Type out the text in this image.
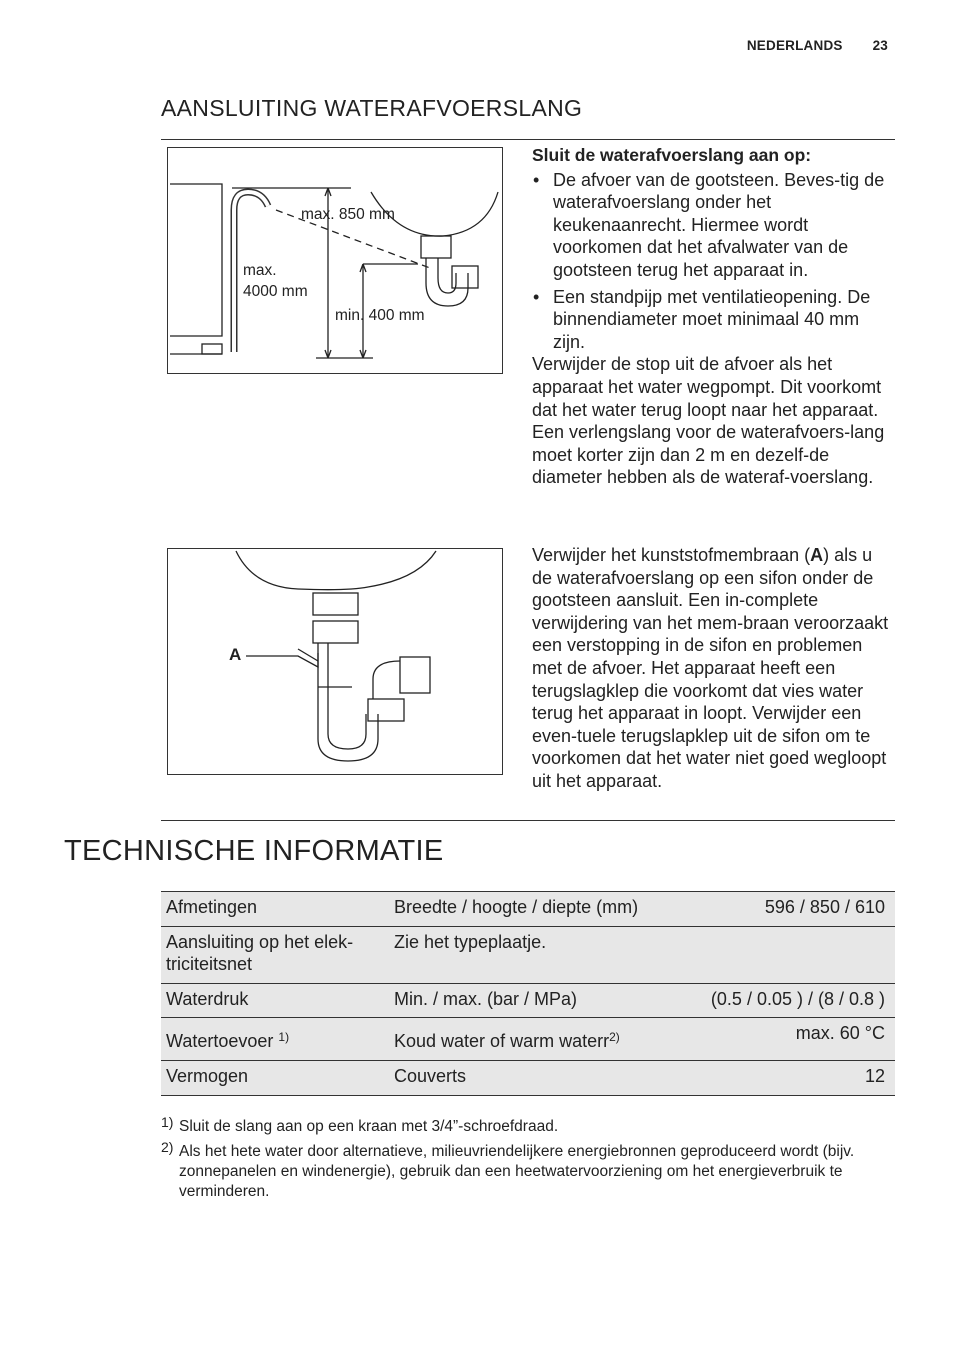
NEDERLANDS 23
AANSLUITING WATERAFVOERSLANG
max. 850 mm
max.
4000 mm
min. 400 mm

Sluit de waterafvoerslang aan op:

• De afvoer van de gootsteen. Beves-tig de waterafvoerslang onder het keukenaanrecht. Hiermee wordt voorkomen dat het afvalwater van de gootsteen terug het apparaat in.
• Een standpijp met ventilatieopening. De binnendiameter moet minimaal 40 mm zijn.

Verwijder de stop uit de afvoer als het apparaat het water wegpompt. Dit voorkomt dat het water terug loopt naar het apparaat.

Een verlengslang voor de waterafvoers-lang moet korter zijn dan 2 m en dezelf-de diameter hebben als de wateraf-voerslang.

A

Verwijder het kunststofmembraan (A) als u de waterafvoerslang op een sifon onder de gootsteen aansluit. Een in-complete verwijdering van het mem-braan veroorzaakt een verstopping in de sifon en problemen met de afvoer. Het apparaat heeft een terugslagklep die voorkomt dat vies water terug het apparaat in loopt. Verwijder een even-tuele terugslapklep uit de sifon om te voorkomen dat het water niet goed wegloopt uit het apparaat.

TECHNISCHE INFORMATIE
Afmetingen	Breedte / hoogte / diepte (mm)	596 / 850 / 610
Aansluiting op het elek-triciteitsnet	Zie het typeplaatje.	
Waterdruk	Min. / max. (bar / MPa)	(0.5 / 0.05 ) / (8 / 0.8 )
Watertoevoer $^{1)}$	Koud water of warm waterr$^{2)}$	max. 60 °C
Vermogen	Couverts	12
1) Sluit de slang aan op een kraan met 3/4”-schroefdraad.
2) Als het hete water door alternatieve, milieuvriendelijkere energiebronnen geproduceerd wordt (bijv. zonnepanelen en windenergie), gebruik dan een heetwatervoorziening om het energieverbruik te verminderen.
